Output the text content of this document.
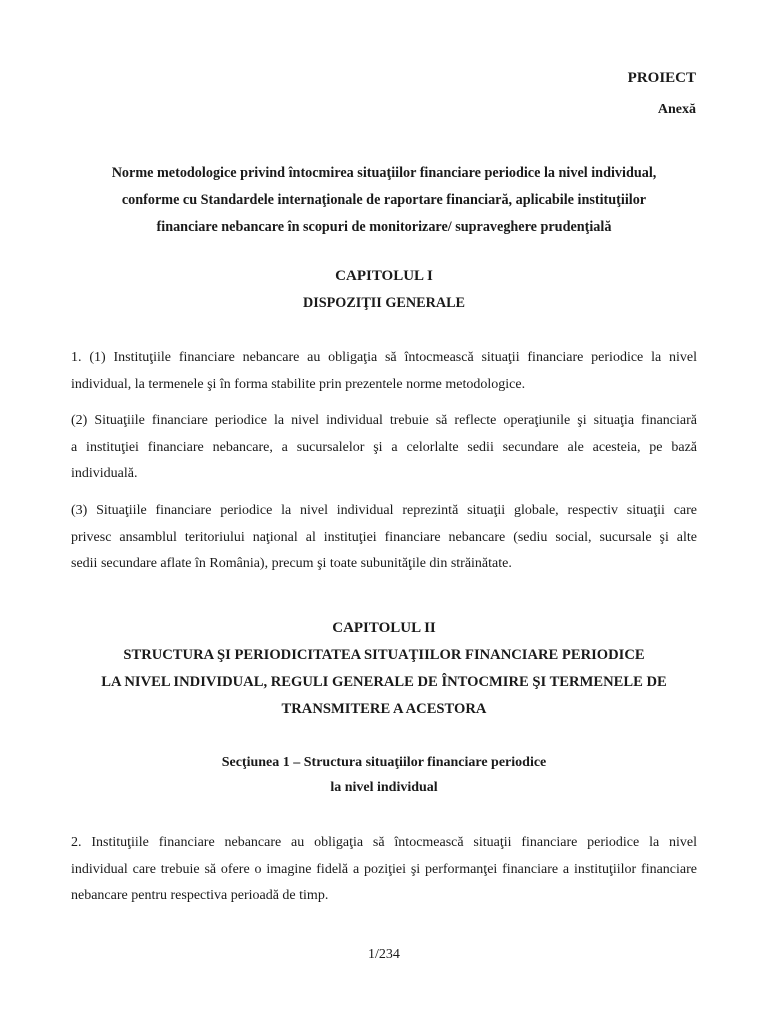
PROIECT
Anexă
Norme metodologice privind întocmirea situaţiilor financiare periodice la nivel individual,
conforme cu Standardele internaţionale de raportare financiară, aplicabile instituţiilor
financiare nebancare în scopuri de monitorizare/ supraveghere prudenţială
CAPITOLUL I
DISPOZIŢII GENERALE
1. (1) Instituţiile financiare nebancare au obligaţia să întocmească situaţii financiare periodice la nivel
individual, la termenele şi în forma stabilite prin prezentele norme metodologice.
(2) Situaţiile financiare periodice la nivel individual trebuie să reflecte operaţiunile şi situaţia financiară
a instituţiei financiare nebancare, a sucursalelor şi a celorlalte sedii secundare ale acesteia, pe bază
individuală.
(3) Situaţiile financiare periodice la nivel individual reprezintă situaţii globale, respectiv situaţii care
privesc ansamblul teritoriului naţional al instituţiei financiare nebancare (sediu social, sucursale şi alte
sedii secundare aflate în România), precum şi toate subunităţile din străinătate.
CAPITOLUL II
STRUCTURA ŞI PERIODICITATEA SITUAŢIILOR FINANCIARE PERIODICE
LA NIVEL INDIVIDUAL, REGULI GENERALE DE ÎNTOCMIRE ŞI TERMENELE DE
TRANSMITERE A ACESTORA
Secţiunea 1 – Structura situaţiilor financiare periodice
la nivel individual
2. Instituţiile financiare nebancare au obligaţia să întocmească situaţii financiare periodice la nivel
individual care trebuie să ofere o imagine fidelă a poziţiei şi performanţei financiare a instituţiilor financiare
nebancare pentru respectiva perioadă de timp.
1/234
